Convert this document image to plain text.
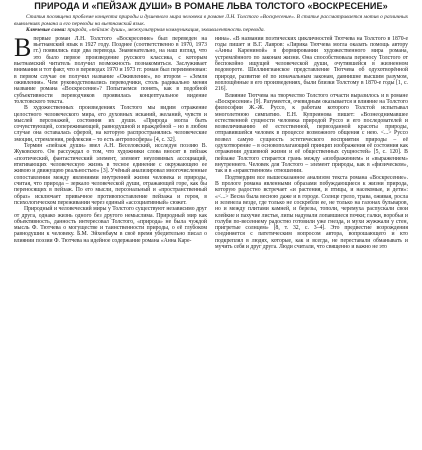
ПРИРОДА И «ПЕЙЗАЖ ДУШИ» В РОМАНЕ ЛЬВА ТОЛСТОГО «ВОСКРЕСЕНИЕ»

Статья посвящена проблеме концепта природы и душевного мира человека в романе Л.Н. Толстого «Воскресение». В статье рассматривается мотив о различных выявлениях романа и его переводы на вьетнамский язык.

Ключевые слова: природа, «пейзаж души», межкультурная коммуникация, эквивалентность перевода.

Впервые роман Л.Н. Толстого «Воскресение» был переведен на вьетнамский язык в 1927 году. Позднее (соответственно в 1970, 1973 гг.) появились еще два перевода. Знаменательно, на наш взгляд, что это было первое произведение русского классика, с которым вьетнамский читатель получил возможность познакомиться. Заслуживает внимания и тот факт, что в переводах 1970 и 1973 гг. роман был переименован: в первом случае он получил название «Оживление», во втором – «Земля оживления». Чем руководствовались переводчики, столь радикально меняя название романа «Воскресение»? Попытаемся понять, как в подобной субъективности переводчиков проявилась концептуальное видение толстовского текста.

В художественных произведениях Толстого мы видим отражение целостного человеческого мира, его духовных исканий, желаний, чувств и мыслей персонажей, состояния их души. «Природа могла быть сочувствующей, сопереживающей, равнодушной и враждебной – но в любом случае она оставалась сферой, на которую распространялись человеческие эмоции, стремления, рефлексия – то есть антропосфера» [4, с. 32].

Термин «пейзаж души» ввел А.Н. Веселовский, исследуя поэзию В. Жуковского. Он рассуждал о том, что художники слова вносят в пейзаж «поэтический, фантастический элемент, элемент неуловимых ассоциаций, втягивающих человеческую жизнь в тесное единение с окружающею ее живою и движущею реальностью» [3]. Учёный анализировал многочисленные сопоставления между явлениями внутренней жизни человека и природы, считая, что природа – зеркало человеческой души, отражающей горе, как бы переносящих в пейзаж. По его мысли, персональный и «пространственный образ» исключает привычное противопоставление пейзажа и героя, в психологическом переживании через единый «ассоциативный» сюжет.

Природный и человеческий миры у Толстого существуют независимо друг от друга, однако жизнь одного без другого немыслима. Природный мир как объективность, данность интересовал Толстого, «природа» не была чуждой мысль Ф. Тютчева о могуществе и таинственности природы, о её глубоком равнодушии к человеку. Б.М. Эйхенбаум в своё время убедительно писал о влиянии поэзии Ф. Тютчева на идейное содержание романа «Анна Каре-

нина». «В названии поэтических цикличностей Тютчева на Толстого в 1870-е годы пишет и В.Г. Лавров: «Лирика Тютчева могла оказать помощь автору «Анны Карениной» в формировании художественного мира романа, устремлённого по законам жизни. Она способствовала переносу Толстого от беспокойно ищущей человеческой души, очутившейся в жизненном водовороте. Шеллингианское представление Тютчева об одухотворённой природе, развитие её по изначальным законам, давнишне высшим разумом, воплощённые в его произведениях, были близки Толстому в 1870-е годы [1, с. 216].

Влияние Тютчева на творчество Толстого отчасти выразилось и в романе «Воскресение» [9]. Разумеется, очевидным оказывается и влияние на Толстого философии Ж.-Ж. Руссо, к работам которого Толстой испытывал многолетнюю симпатию. Е.Н. Купреянова пишет: «Вознеоднимавшее естественной сущности человека природой Руссо и его последователей и возвеличиванию её естественной, первозданной красоты природы, отправившейся человек в процессе возможного общения с нею. <...> Руссо возвел самую сущность эстетического восприятия природы – её одухотворение – в основополагающий принцип изображения её состояния как отражения душевной жизни и её общественных сущностей» [5, с. 120]. В пейзаже Толстого стирается грань между «изображением» и «выражением» внутреннего. Человек для Толстого – элемент природы, как в «физическом», так и в «нравственном» отношении.

Подтвердим все вышесказанное анализом текста романа «Воскресение». В прологе романа явленными образами побуждающиеся к жизни природа, которую радостно встречает «и растения, и птицы, и насекомые, и дети»: «<...> Весна была весною даже и в городе. Солнце грело, трава, оживая, росла и зеленела везде, где только не соскребли ее, не только на газонах бульваров, но и между плитами камней, и березы, тополи, черемуха распускали свои клейкие и пахучие листья, липы надували лопавшиеся почки; галки, воробьи и голуби по-весеннему радостно готовили уже гнезда, и мухи жужжали у стен, пригретые солнцем» [8, т. 32, с. 3–4]. Это предвестие возрождения соединяется с патетическим вопросом автора, вопрошающего и кто подкреплял в людях, которые, как и всегда, не переставали обманывать и мучить себя и друг друга. Люди считали, что священно и важно не это
